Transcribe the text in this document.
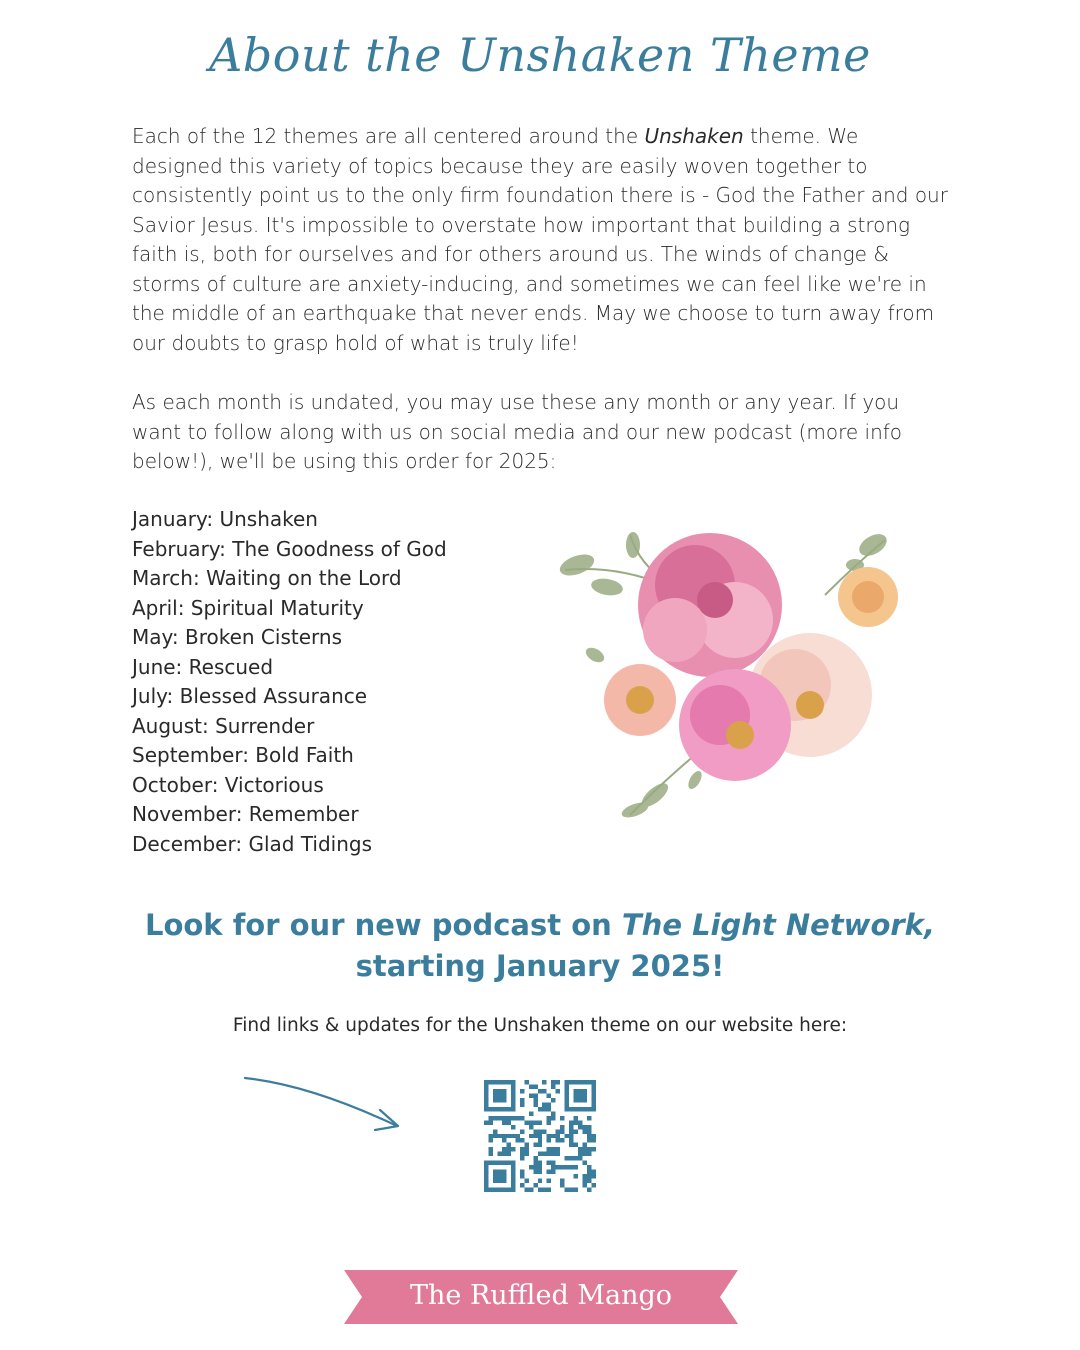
About the Unshaken Theme

Each of the 12 themes are all centered around the Unshaken theme. We designed this variety of topics because they are easily woven together to consistently point us to the only firm foundation there is - God the Father and our Savior Jesus. It's impossible to overstate how important that building a strong faith is, both for ourselves and for others around us. The winds of change & storms of culture are anxiety-inducing, and sometimes we can feel like we're in the middle of an earthquake that never ends. May we choose to turn away from our doubts to grasp hold of what is truly life!

As each month is undated, you may use these any month or any year. If you want to follow along with us on social media and our new podcast (more info below!), we'll be using this order for 2025:

January: Unshaken
February: The Goodness of God
March: Waiting on the Lord
April: Spiritual Maturity
May: Broken Cisterns
June: Rescued
July: Blessed Assurance
August: Surrender
September: Bold Faith
October: Victorious
November: Remember
December: Glad Tidings
Look for our new podcast on The Light Network,
starting January 2025!
Find links & updates for the Unshaken theme on our website here:
The Ruffled Mango
